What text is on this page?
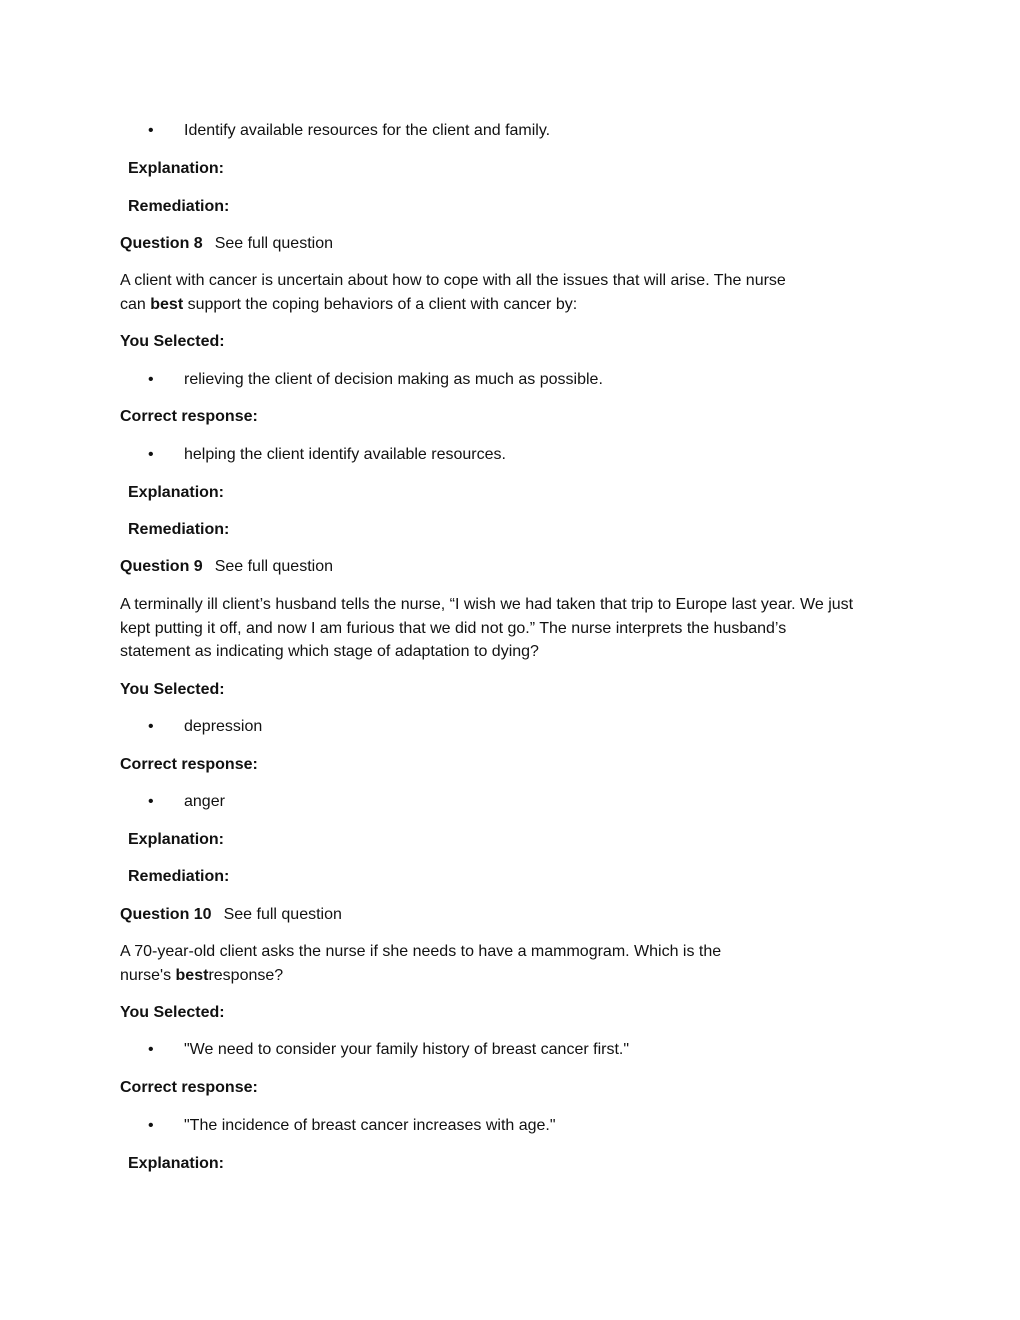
• Identify available resources for the client and family.
Explanation:
Remediation:
Question 8 See full question
A client with cancer is uncertain about how to cope with all the issues that will arise. The nurse
can best support the coping behaviors of a client with cancer by:
You Selected:
• relieving the client of decision making as much as possible.
Correct response:
• helping the client identify available resources.
Explanation:
Remediation:
Question 9 See full question
A terminally ill client’s husband tells the nurse, “I wish we had taken that trip to Europe last year. We just
kept putting it off, and now I am furious that we did not go.” The nurse interprets the husband’s
statement as indicating which stage of adaptation to dying?
You Selected:
• depression
Correct response:
• anger
Explanation:
Remediation:
Question 10 See full question
A 70-year-old client asks the nurse if she needs to have a mammogram. Which is the
nurse's bestresponse?
You Selected:
• "We need to consider your family history of breast cancer first."
Correct response:
• "The incidence of breast cancer increases with age."
Explanation:
